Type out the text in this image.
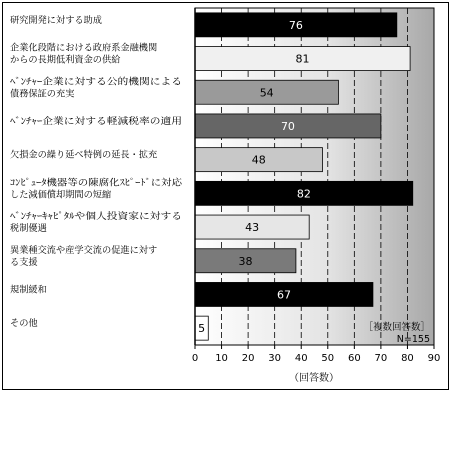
76
81
54
70
48
82
43
38
67
5
研究開発に対する助成
企業化段階における政府系金融機関
からの長期低利資金の供給
ﾍﾞﾝﾁｬｰ企業に対する公的機関による
債務保証の充実
ﾍﾞﾝﾁｬｰ企業に対する軽減税率の適用
欠損金の繰り延べ特例の延長・拡充
ｺﾝﾋﾟｭｰﾀ機器等の陳腐化ｽﾋﾟｰﾄﾞに対応
した減価償却期間の短縮
ﾍﾞﾝﾁｬｰｷｬﾋﾟﾀﾙや個人投資家に対する
税制優遇
異業種交流や産学交流の促進に対す
る支援
規制緩和
その他
0 10 20 30 40 50 60 70 80 90
（回答数）
［複数回答数］
N=155
